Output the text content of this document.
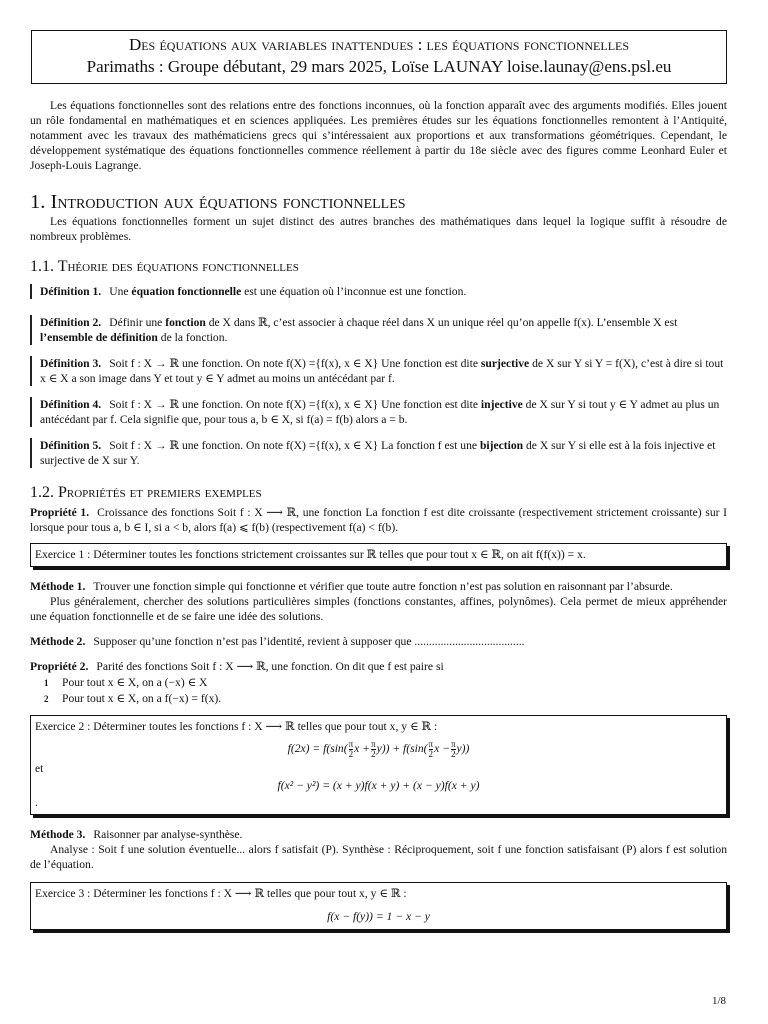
Des équations aux variables inattendues : les équations fonctionnelles
Parimaths : Groupe débutant, 29 mars 2025, Loïse LAUNAY loise.launay@ens.psl.eu

Les équations fonctionnelles sont des relations entre des fonctions inconnues, où la fonction apparaît avec des arguments modifiés. Elles jouent un rôle fondamental en mathématiques et en sciences appliquées. Les premières études sur les équations fonctionnelles remontent à l’Antiquité, notamment avec les travaux des mathématiciens grecs qui s’intéressaient aux proportions et aux transformations géométriques. Cependant, le développement systématique des équations fonctionnelles commence réellement à partir du 18e siècle avec des figures comme Leonhard Euler et Joseph-Louis Lagrange.

1. Introduction aux équations fonctionnelles

Les équations fonctionnelles forment un sujet distinct des autres branches des mathématiques dans lequel la logique suffit à résoudre de nombreux problèmes.

1.1. Théorie des équations fonctionnelles
Définition 1. Une équation fonctionnelle est une équation où l’inconnue est une fonction.
Définition 2. Définir une fonction de X dans ℝ, c’est associer à chaque réel dans X un unique réel qu’on appelle f(x). L’ensemble X est l’ensemble de définition de la fonction.
Définition 3. Soit f : X → ℝ une fonction. On note f(X) ={f(x), x ∈ X} Une fonction est dite surjective de X sur Y si Y = f(X), c’est à dire si tout x ∈ X a son image dans Y et tout y ∈ Y admet au moins un antécédant par f.
Définition 4. Soit f : X → ℝ une fonction. On note f(X) ={f(x), x ∈ X} Une fonction est dite injective de X sur Y si tout y ∈ Y admet au plus un antécédant par f. Cela signifie que, pour tous a, b ∈ X, si f(a) = f(b) alors a = b.
Définition 5. Soit f : X → ℝ une fonction. On note f(X) ={f(x), x ∈ X} La fonction f est une bijection de X sur Y si elle est à la fois injective et surjective de X sur Y.
1.2. Propriétés et premiers exemples

Propriété 1. Croissance des fonctions Soit f : X ⟶ ℝ, une fonction La fonction f est dite croissante (respectivement strictement croissante) sur I lorsque pour tous a, b ∈ I, si a < b, alors f(a) ⩽ f(b) (respectivement f(a) < f(b).

Exercice 1 : Déterminer toutes les fonctions strictement croissantes sur ℝ telles que pour tout x ∈ ℝ, on ait f(f(x)) = x.

Méthode 1. Trouver une fonction simple qui fonctionne et vérifier que toute autre fonction n’est pas solution en raisonnant par l’absurde.

Plus généralement, chercher des solutions particulières simples (fonctions constantes, affines, polynômes). Cela permet de mieux appréhender une équation fonctionnelle et de se faire une idée des solutions.

Méthode 2. Supposer qu’une fonction n’est pas l’identité, revient à supposer que ......................................

Propriété 2. Parité des fonctions Soit f : X ⟶ ℝ, une fonction. On dit que f est paire si

1 Pour tout x ∈ X, on a (−x) ∈ X
2 Pour tout x ∈ X, on a f(−x) = f(x).
Exercice 2 : Déterminer toutes les fonctions f : X ⟶ ℝ telles que pour tout x, y ∈ ℝ :
$f(2x) = f(\sin( \frac{\pi}{2}$ $x + \frac{\pi}{2} y)) + f(\sin( \frac{\pi}{2}$ $x - \frac{\pi}{2} y$))
et
f(x² − y²) = (x + y)f(x + y) + (x − y)f(x + y)
.

Méthode 3. Raisonner par analyse-synthèse.

Analyse : Soit f une solution éventuelle... alors f satisfait (P). Synthèse : Réciproquement, soit f une fonction satisfaisant (P) alors f est solution de l’équation.

Exercice 3 : Déterminer les fonctions f : X ⟶ ℝ telles que pour tout x, y ∈ ℝ :
f(x − f(y)) = 1 − x − y
1/8
